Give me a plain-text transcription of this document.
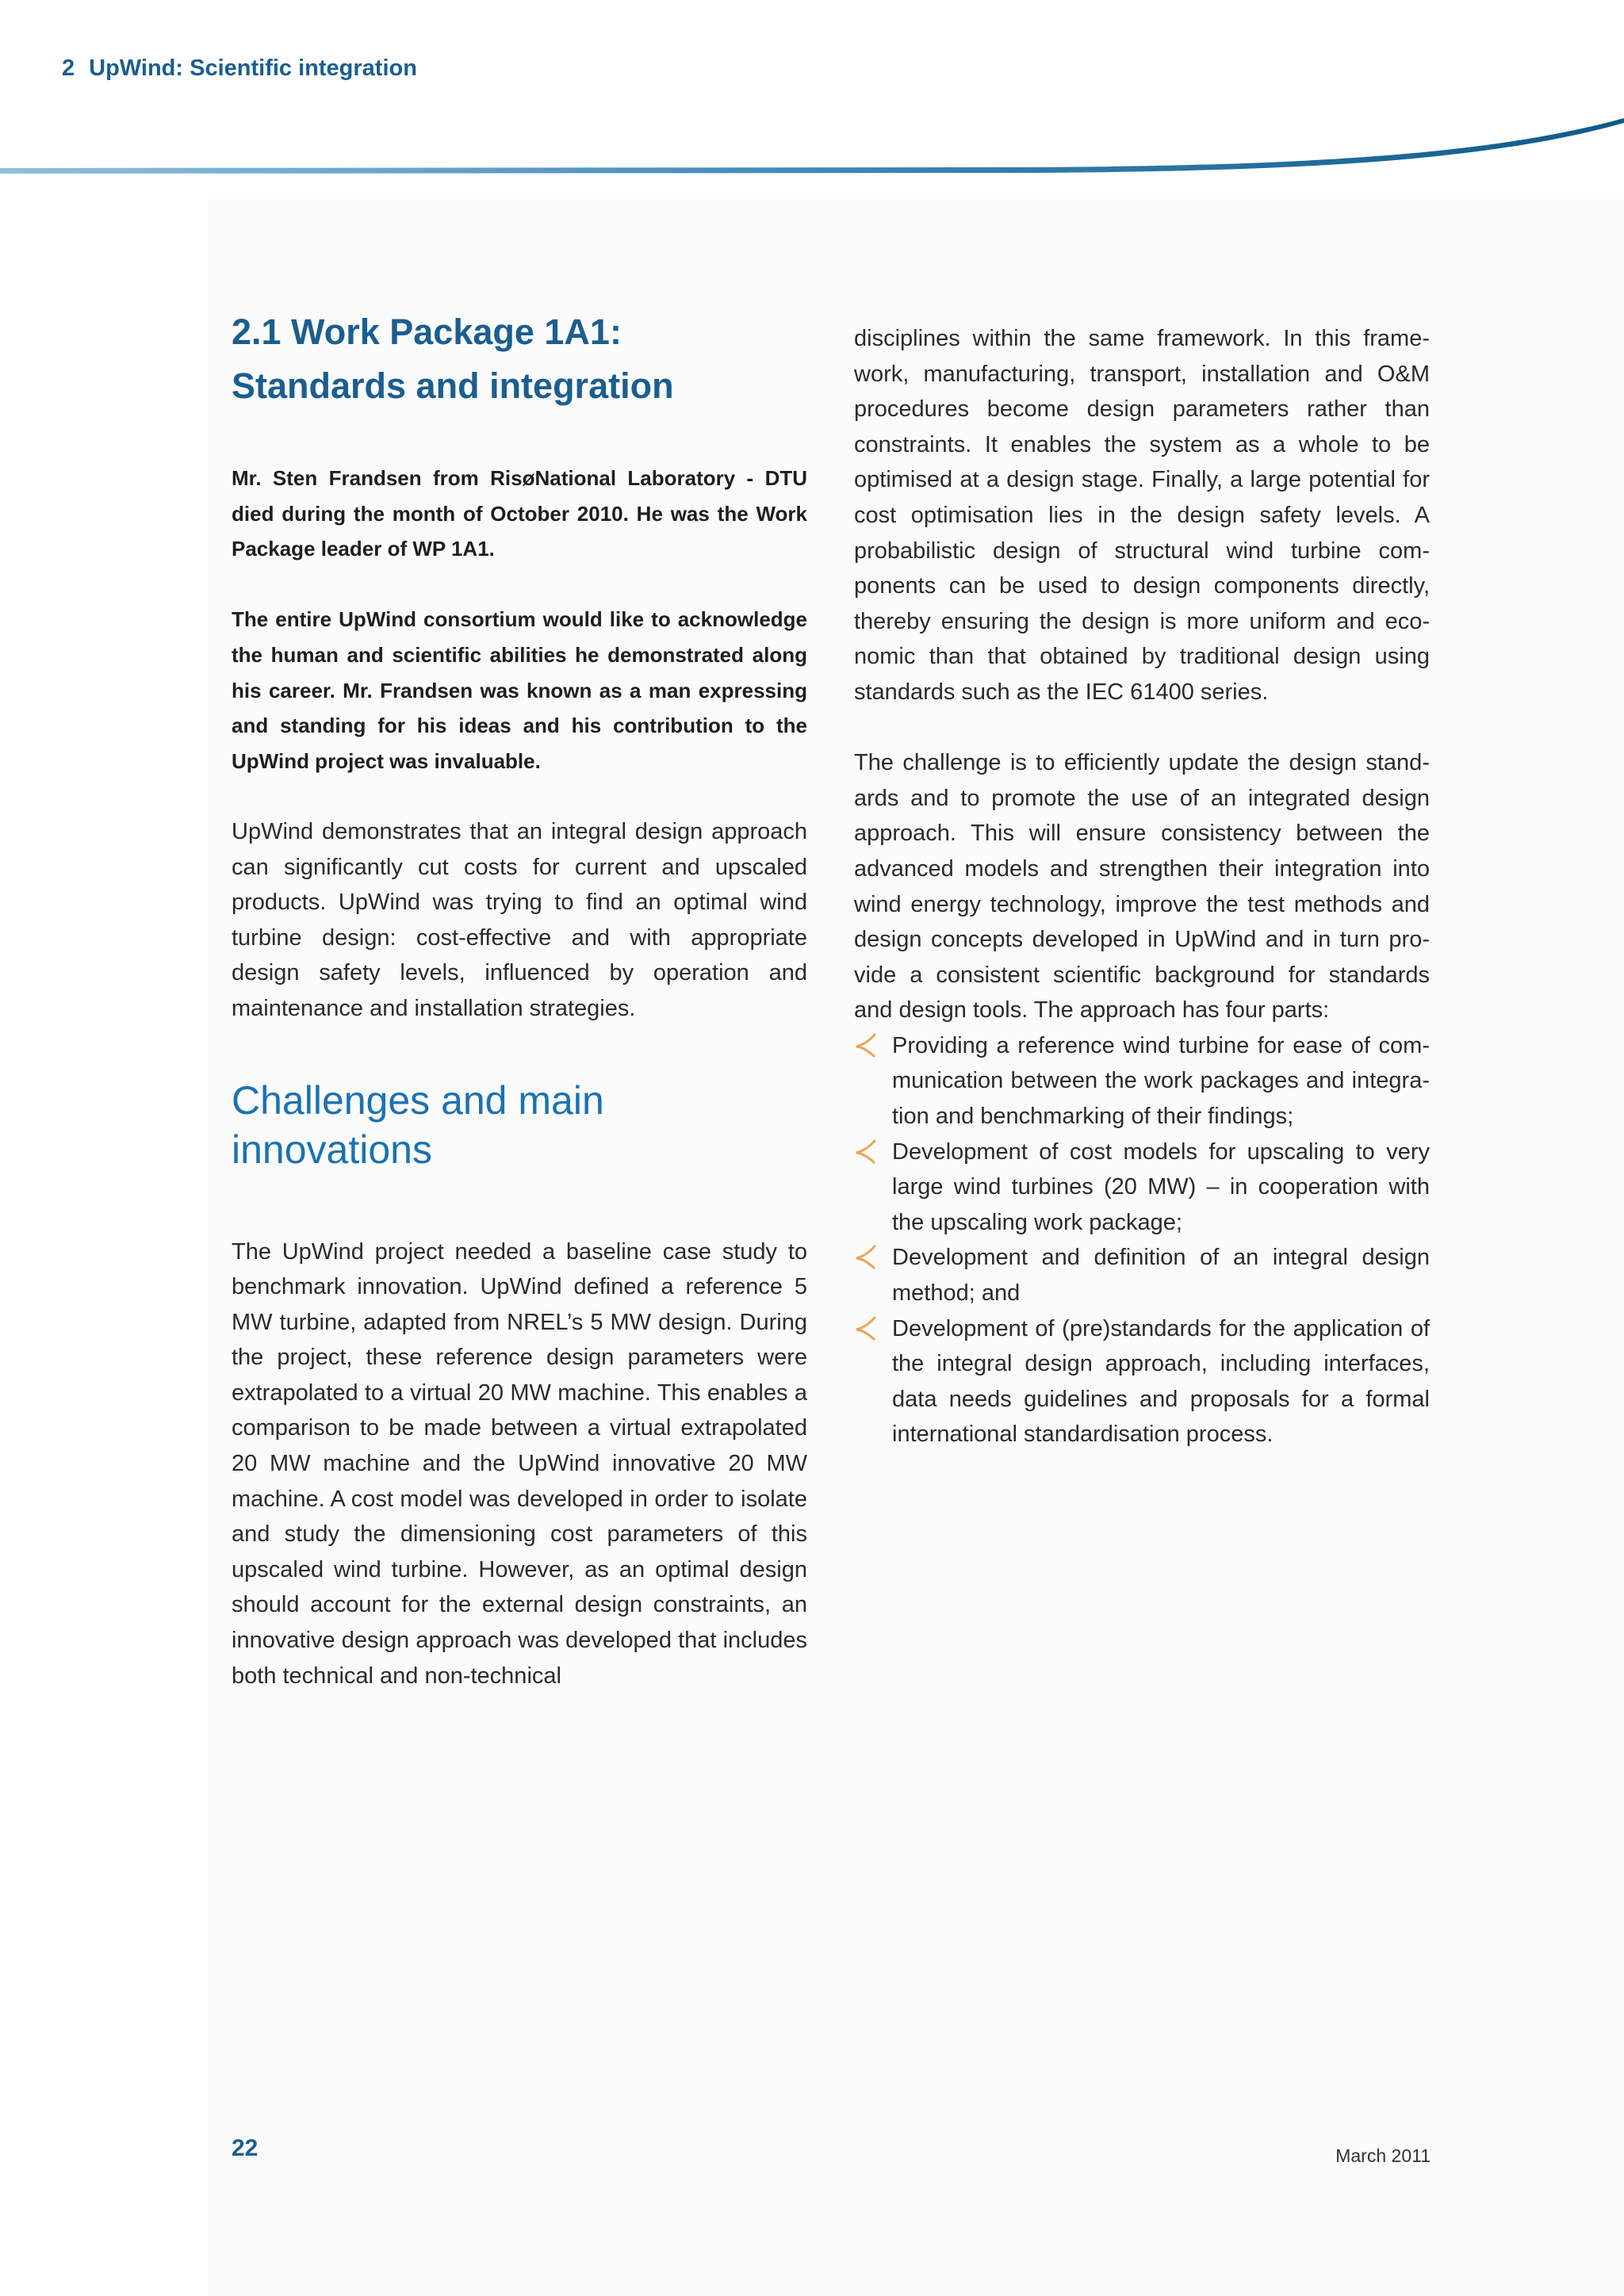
2 UpWind: Scientific integration
2.1 Work Package 1A1:
Standards and integration

Mr. Sten Frandsen from RisøNational Laboratory - DTU died during the month of October 2010. He was the Work Package leader of WP 1A1.

The entire UpWind consortium would like to acknowledge the human and scientific abilities he demonstrated along his career. Mr. Frandsen was known as a man expressing and standing for his ideas and his contribution to the UpWind project was invaluable.

UpWind demonstrates that an integral design approach can significantly cut costs for current and upscaled products. UpWind was trying to find an optimal wind turbine design: cost-effective and with appropriate design safety levels, influenced by operation and maintenance and installation strategies.

Challenges and main
innovations

The UpWind project needed a baseline case study to benchmark innovation. UpWind defined a reference 5 MW turbine, adapted from NREL’s 5 MW design. During the project, these reference design parameters were extrapolated to a virtual 20 MW machine. This enables a comparison to be made between a virtual extrapolated 20 MW machine and the UpWind innovative 20 MW machine. A cost model was developed in order to isolate and study the dimensioning cost parameters of this upscaled wind turbine. However, as an optimal design should account for the external design constraints, an innovative design approach was developed that includes both technical and non-technical

disciplines within the same framework. In this framework, manufacturing, transport, installation and O&M procedures become design parameters rather than constraints. It enables the system as a whole to be optimised at a design stage. Finally, a large potential for cost optimisation lies in the design safety levels. A probabilistic design of structural wind turbine components can be used to design components directly, thereby ensuring the design is more uniform and economic than that obtained by traditional design using standards such as the IEC 61400 series.

The challenge is to efficiently update the design standards and to promote the use of an integrated design approach. This will ensure consistency between the advanced models and strengthen their integration into wind energy technology, improve the test methods and design concepts developed in UpWind and in turn provide a consistent scientific background for standards and design tools. The approach has four parts:

Providing a reference wind turbine for ease of communication between the work packages and integration and benchmarking of their findings;
Development of cost models for upscaling to very large wind turbines (20 MW) – in cooperation with the upscaling work package;
Development and definition of an integral design method; and
Development of (pre)standards for the application of the integral design approach, including interfaces, data needs guidelines and proposals for a formal international standardisation process.
22	March 2011
